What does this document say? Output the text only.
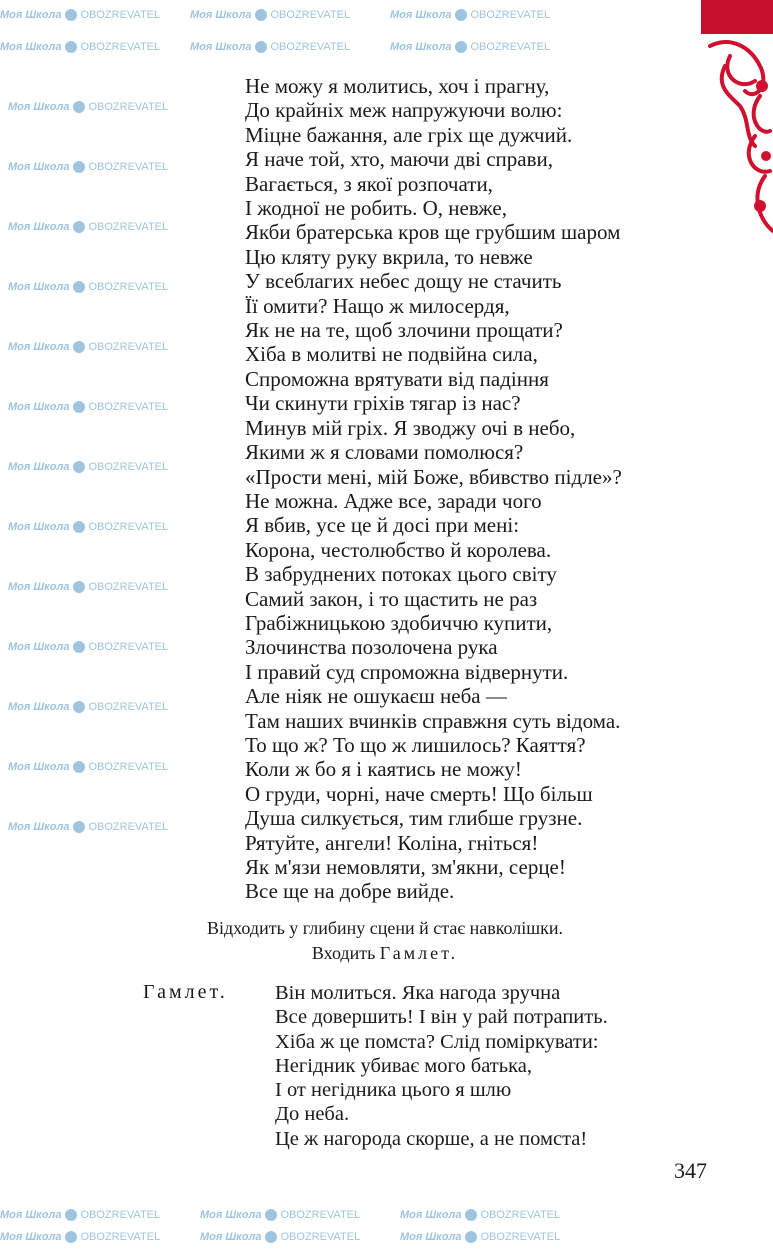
Моя Школа OBOZREVATEL
Моя Школа OBOZREVATEL
Моя Школа OBOZREVATEL
Моя Школа OBOZREVATEL
Моя Школа OBOZREVATEL
Моя Школа OBOZREVATEL
Моя Школа OBOZREVATEL
Моя Школа OBOZREVATEL
Моя Школа OBOZREVATEL
Моя Школа OBOZREVATEL
Моя Школа OBOZREVATEL
Моя Школа OBOZREVATEL
Моя Школа OBOZREVATEL
Моя Школа OBOZREVATEL
Моя Школа OBOZREVATEL
Моя Школа OBOZREVATEL
Моя Школа OBOZREVATEL
Моя Школа OBOZREVATEL
Моя Школа OBOZREVATEL
Моя Школа OBOZREVATEL
Моя Школа OBOZREVATEL
Моя Школа OBOZREVATEL
Моя Школа OBOZREVATEL
Моя Школа OBOZREVATEL
Моя Школа OBOZREVATEL
Не можу я молитись, хоч і прагну,
До крайніх меж напружуючи волю:
Міцне бажання, але гріх ще дужчий.
Я наче той, хто, маючи дві справи,
Вагається, з якої розпочати,
І жодної не робить. О, невже,
Якби братерська кров ще грубшим шаром
Цю кляту руку вкрила, то невже
У всеблагих небес дощу не стачить
Її омити? Нащо ж милосердя,
Як не на те, щоб злочини прощати?
Хіба в молитві не подвійна сила,
Спроможна врятувати від падіння
Чи скинути гріхів тягар із нас?
Минув мій гріх. Я зводжу очі в небо,
Якими ж я словами помолюся?
«Прости мені, мій Боже, вбивство підле»?
Не можна. Адже все, заради чого
Я вбив, усе це й досі при мені:
Корона, честолюбство й королева.
В забруднених потоках цього світу
Самий закон, і то щастить не раз
Грабіжницькою здобиччю купити,
Злочинства позолочена рука
І правий суд спроможна відвернути.
Але ніяк не ошукаєш неба —
Там наших вчинків справжня суть відома.
То що ж? То що ж лишилось? Каяття?
Коли ж бо я і каятись не можу!
О груди, чорні, наче смерть! Що більш
Душа силкується, тим глибше грузне.
Рятуйте, ангели! Коліна, гніться!
Як м'язи немовляти, зм'якни, серце!
Все ще на добре вийде.
Відходить у глибину сцени й стає навколішки.
Входить Гамлет.
Гамлет. Він молиться. Яка нагода зручна
Все довершить! І він у рай потрапить.
Хіба ж це помста? Слід поміркувати:
Негідник убиває мого батька,
І от негідника цього я шлю
До неба.
Це ж нагорода скорше, а не помста!
347
